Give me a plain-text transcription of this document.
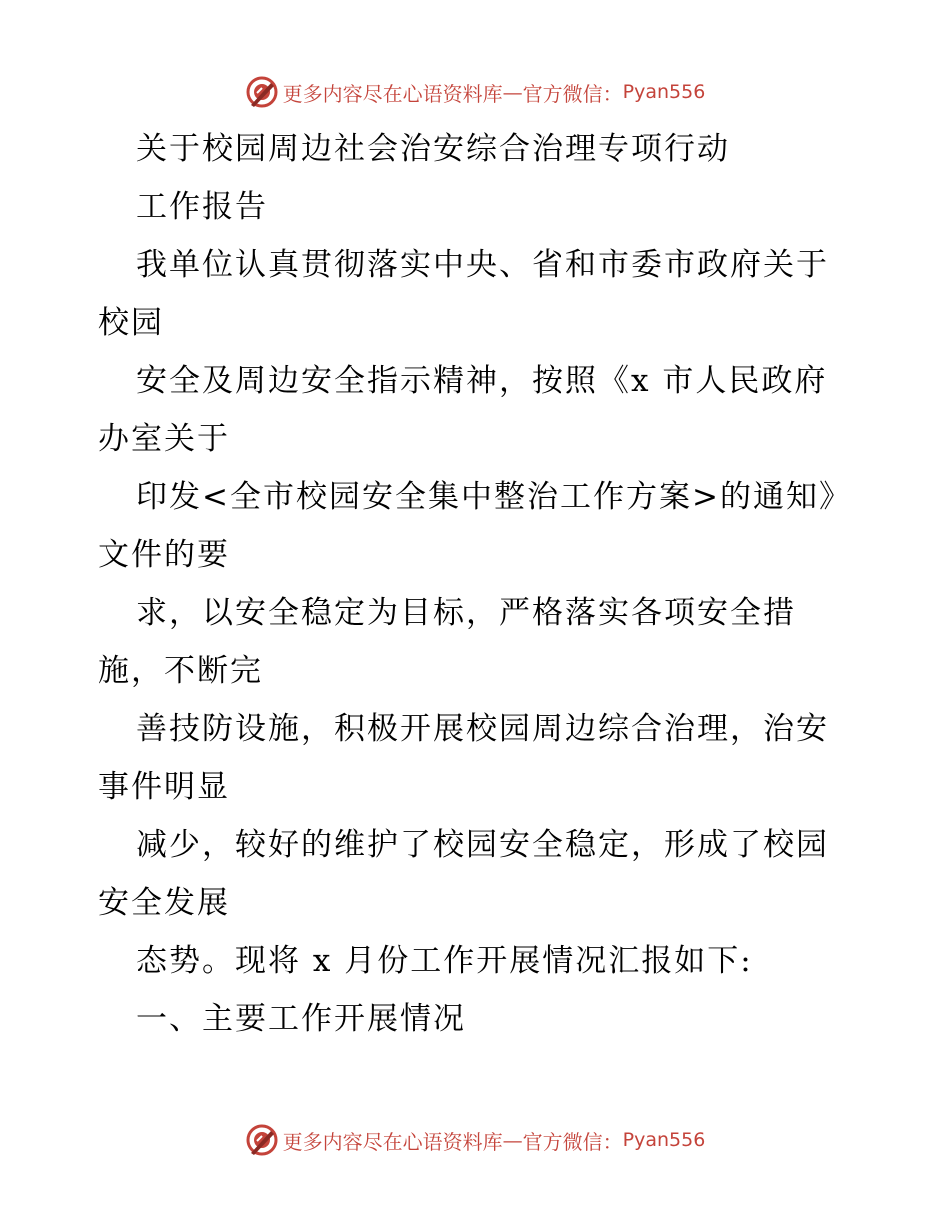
更多内容尽在心语资料库 — 官方微信： Pyan556
关于校园周边社会治安综合治理专项行动
工作报告
我单位认真贯彻落实中央、省和市委市政府关于
校园
安全及周边安全指示精神，按照《x 市人民政府
办室关于
印发<全市校园安全集中整治工作方案>的通知》
文件的要
求，以安全稳定为目标，严格落实各项安全措
施，不断完
善技防设施，积极开展校园周边综合治理，治安
事件明显
减少，较好的维护了校园安全稳定，形成了校园
安全发展
态势。现将 x 月份工作开展情况汇报如下:
一、主要工作开展情况
更多内容尽在心语资料库 — 官方微信： Pyan556
